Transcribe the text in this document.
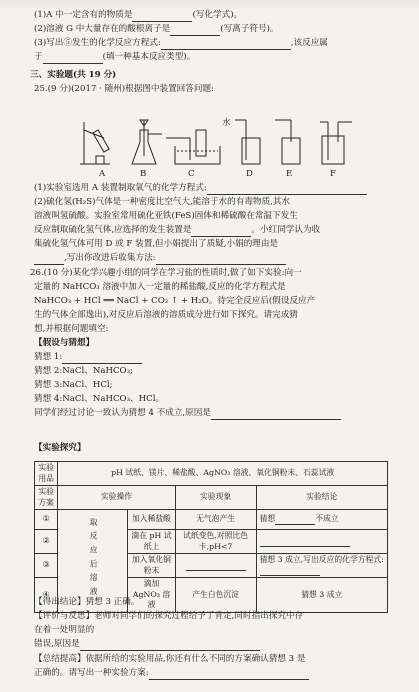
(1)A 中一定含有的物质是	(写化学式)。
(2)溶液 G 中大量存在的酸根离子是	(写离子符号)。
(3)写出⑤发生的化学反应方程式:	,该反应属
于	(填一种基本反应类型)。
三、实验题(共 19 分)
25.(9 分)(2017 · 随州)根据图中装置回答问题:
A	B	C	D	E	F
水
(1)实验室选用 A 装置制取氧气的化学方程式:
(2)硫化氢(H₂S)气体是一种密度比空气大,能溶于水的有毒物质,其水
溶液叫氢硫酸。实验室常用硫化亚铁(FeS)固体和稀硫酸在常温下发生
反应制取硫化氢气体,应选择的发生装置是	。小红同学认为收
集硫化氢气体可用 D 或 F 装置,但小娟提出了质疑,小娟的理由是
,写出你改进后收集方法:
26.(10 分)某化学兴趣小组的同学在学习盐的性质时,做了如下实验:向一
定量的 NaHCO₃ 溶液中加入一定量的稀盐酸,反应的化学方程式是
NaHCO₃ + HCl ══ NaCl + CO₂ ↑ + H₂O。待完全反应后(假设反应产
生的气体全部逸出),对反应后溶液的溶质成分进行如下探究。请完成猜
想,并根据问题填空:
【假设与猜想】
猜想 1:
猜想 2:NaCl、NaHCO₃;
猜想 3:NaCl、HCl;
猜想 4:NaCl、NaHCO₃、HCl。
同学们经过讨论一致认为猜想 4 不成立,原因是
【实验探究】
实验用品	pH 试纸、镁片、稀盐酸、AgNO₃ 溶液、氧化铜粉末、石蕊试液			
实验方案	实验操作		实验现象	实验结论
①	取反应后溶液	加入稀盐酸	无气泡产生	猜想 不成立
②		滴在 pH 试纸上	试纸变色,对照比色卡,pH<7	
③		加入氧化铜粉末		猜想 3 成立,写出反应的化学方程式:
④		滴加 AgNO₃ 溶液	产生白色沉淀	猜想 3 成立
【得出结论】猜想 3 正确。
【评价与反思】老师对同学们的探究过程给予了肯定,同时指出探究中存
在着一处明显的
错误,原因是
【总结提高】依据所给的实验用品,你还有什么不同的方案确认猜想 3 是
正确的。请写出一种实验方案:
